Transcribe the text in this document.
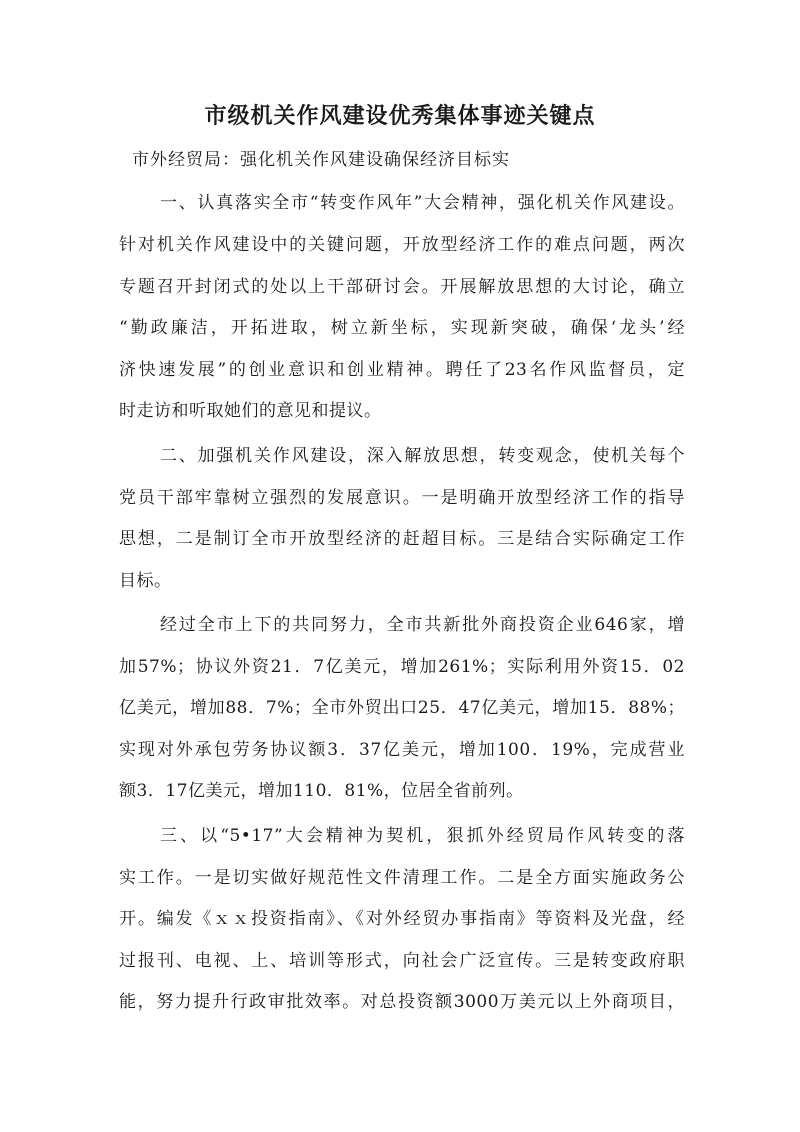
市级机关作风建设优秀集体事迹关键点
市外经贸局：强化机关作风建设确保经济目标实
一、认真落实全市“转变作风年”大会精神，强化机关作风建设。
针对机关作风建设中的关键问题，开放型经济工作的难点问题，两次
专题召开封闭式的处以上干部研讨会。开展解放思想的大讨论，确立
“勤政廉洁，开拓进取，树立新坐标，实现新突破，确保‘龙头’经
济快速发展”的创业意识和创业精神。聘任了23名作风监督员，定
时走访和听取她们的意见和提议。
二、加强机关作风建设，深入解放思想，转变观念，使机关每个
党员干部牢靠树立强烈的发展意识。一是明确开放型经济工作的指导
思想，二是制订全市开放型经济的赶超目标。三是结合实际确定工作
目标。
经过全市上下的共同努力，全市共新批外商投资企业646家，增
加57%；协议外资21．7亿美元，增加261%；实际利用外资15．02
亿美元，增加88．7%；全市外贸出口25．47亿美元，增加15．88%；
实现对外承包劳务协议额3．37亿美元，增加100．19%，完成营业
额3．17亿美元，增加110．81%，位居全省前列。
三、以“5•17”大会精神为契机，狠抓外经贸局作风转变的落
实工作。一是切实做好规范性文件清理工作。二是全方面实施政务公
开。编发《ｘｘ投资指南》、《对外经贸办事指南》等资料及光盘，经
过报刊、电视、上、培训等形式，向社会广泛宣传。三是转变政府职
能，努力提升行政审批效率。对总投资额3000万美元以上外商项目，
